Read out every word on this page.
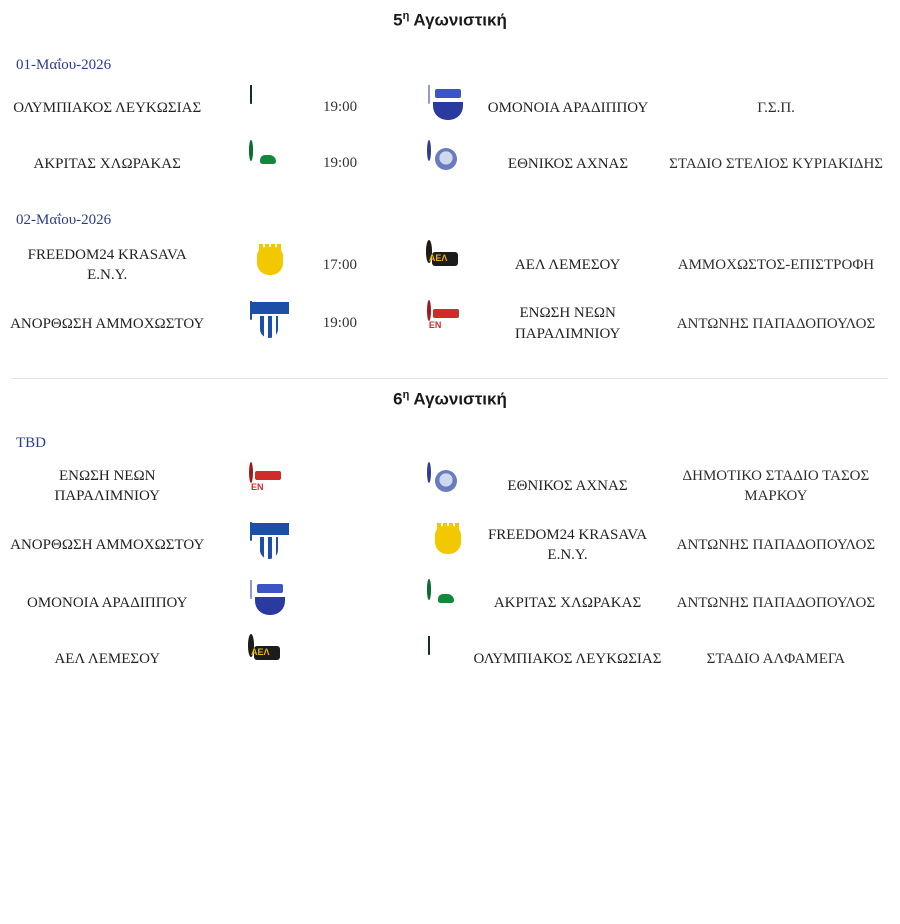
$5^\eta$ Αγωνιστική
01-Μαΐου-2026
ΟΛΥΜΠΙΑΚΟΣ ΛΕΥΚΩΣΙΑΣ		19:00		ΟΜΟΝΟΙΑ ΑΡΑΔΙΠΠΟΥ	Γ.Σ.Π.
ΑΚΡΙΤΑΣ ΧΛΩΡΑΚΑΣ		19:00		ΕΘΝΙΚΟΣ ΑΧΝΑΣ	ΣΤΑΔΙΟ ΣΤΕΛΙΟΣ ΚΥΡΙΑΚΙΔΗΣ
02-Μαΐου-2026
FREEDOM24 KRASAVA E.N.Y.		17:00	AEΛ	ΑΕΛ ΛΕΜΕΣΟΥ	ΑΜΜΟΧΩΣΤΟΣ-ΕΠΙΣΤΡΟΦΗ
ΑΝΟΡΘΩΣΗ ΑΜΜΟΧΩΣΤΟΥ		19:00	ЕΝ	ΕΝΩΣΗ ΝΕΩΝ ΠΑΡΑΛΙΜΝΙΟΥ	ΑΝΤΩΝΗΣ ΠΑΠΑΔΟΠΟΥΛΟΣ
$6^\eta$ Αγωνιστική
TBD
ΕΝΩΣΗ ΝΕΩΝ ΠΑΡΑΛΙΜΝΙΟΥ	ЕΝ			ΕΘΝΙΚΟΣ ΑΧΝΑΣ	ΔΗΜΟΤΙΚΟ ΣΤΑΔΙΟ ΤΑΣΟΣ ΜΑΡΚΟΥ
ΑΝΟΡΘΩΣΗ ΑΜΜΟΧΩΣΤΟΥ				FREEDOM24 KRASAVA E.N.Y.	ΑΝΤΩΝΗΣ ΠΑΠΑΔΟΠΟΥΛΟΣ
ΟΜΟΝΟΙΑ ΑΡΑΔΙΠΠΟΥ				ΑΚΡΙΤΑΣ ΧΛΩΡΑΚΑΣ	ΑΝΤΩΝΗΣ ΠΑΠΑΔΟΠΟΥΛΟΣ
ΑΕΛ ΛΕΜΕΣΟΥ	AEΛ			ΟΛΥΜΠΙΑΚΟΣ ΛΕΥΚΩΣΙΑΣ	ΣΤΑΔΙΟ ΑΛΦΑΜΕΓΑ
